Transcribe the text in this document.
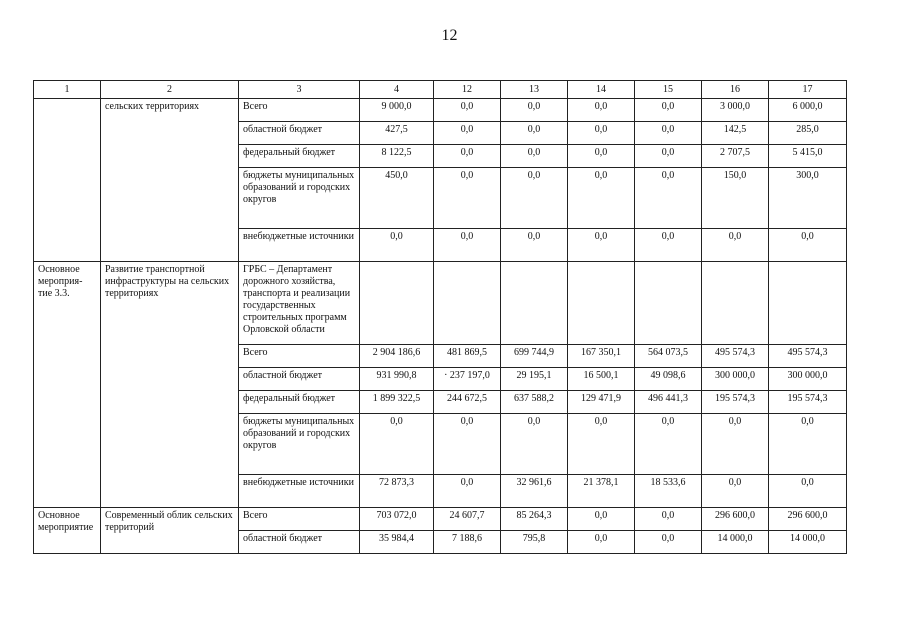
12
1	2	3	4	12	13	14	15	16	17
	сельских территориях	Всего	9 000,0	0,0	0,0	0,0	0,0	3 000,0	6 000,0
		областной бюджет	427,5	0,0	0,0	0,0	0,0	142,5	285,0
		федеральный бюджет	8 122,5	0,0	0,0	0,0	0,0	2 707,5	5 415,0
		бюджеты муниципальных образований и городских округов	450,0	0,0	0,0	0,0	0,0	150,0	300,0
		внебюджетные источники	0,0	0,0	0,0	0,0	0,0	0,0	0,0
Основное мероприя-тие 3.3.	Развитие транспортной инфраструктуры на сельских территориях	ГРБС – Департамент дорожного хозяйства, транспорта и реализации государственных строительных программ Орловской области							
		Всего	2 904 186,6	481 869,5	699 744,9	167 350,1	564 073,5	495 574,3	495 574,3
		областной бюджет	931 990,8	· 237 197,0	29 195,1	16 500,1	49 098,6	300 000,0	300 000,0
		федеральный бюджет	1 899 322,5	244 672,5	637 588,2	129 471,9	496 441,3	195 574,3	195 574,3
		бюджеты муниципальных образований и городских округов	0,0	0,0	0,0	0,0	0,0	0,0	0,0
		внебюджетные источники	72 873,3	0,0	32 961,6	21 378,1	18 533,6	0,0	0,0
Основное мероприятие	Современный облик сельских территорий	Всего	703 072,0	24 607,7	85 264,3	0,0	0,0	296 600,0	296 600,0
		областной бюджет	35 984,4	7 188,6	795,8	0,0	0,0	14 000,0	14 000,0
